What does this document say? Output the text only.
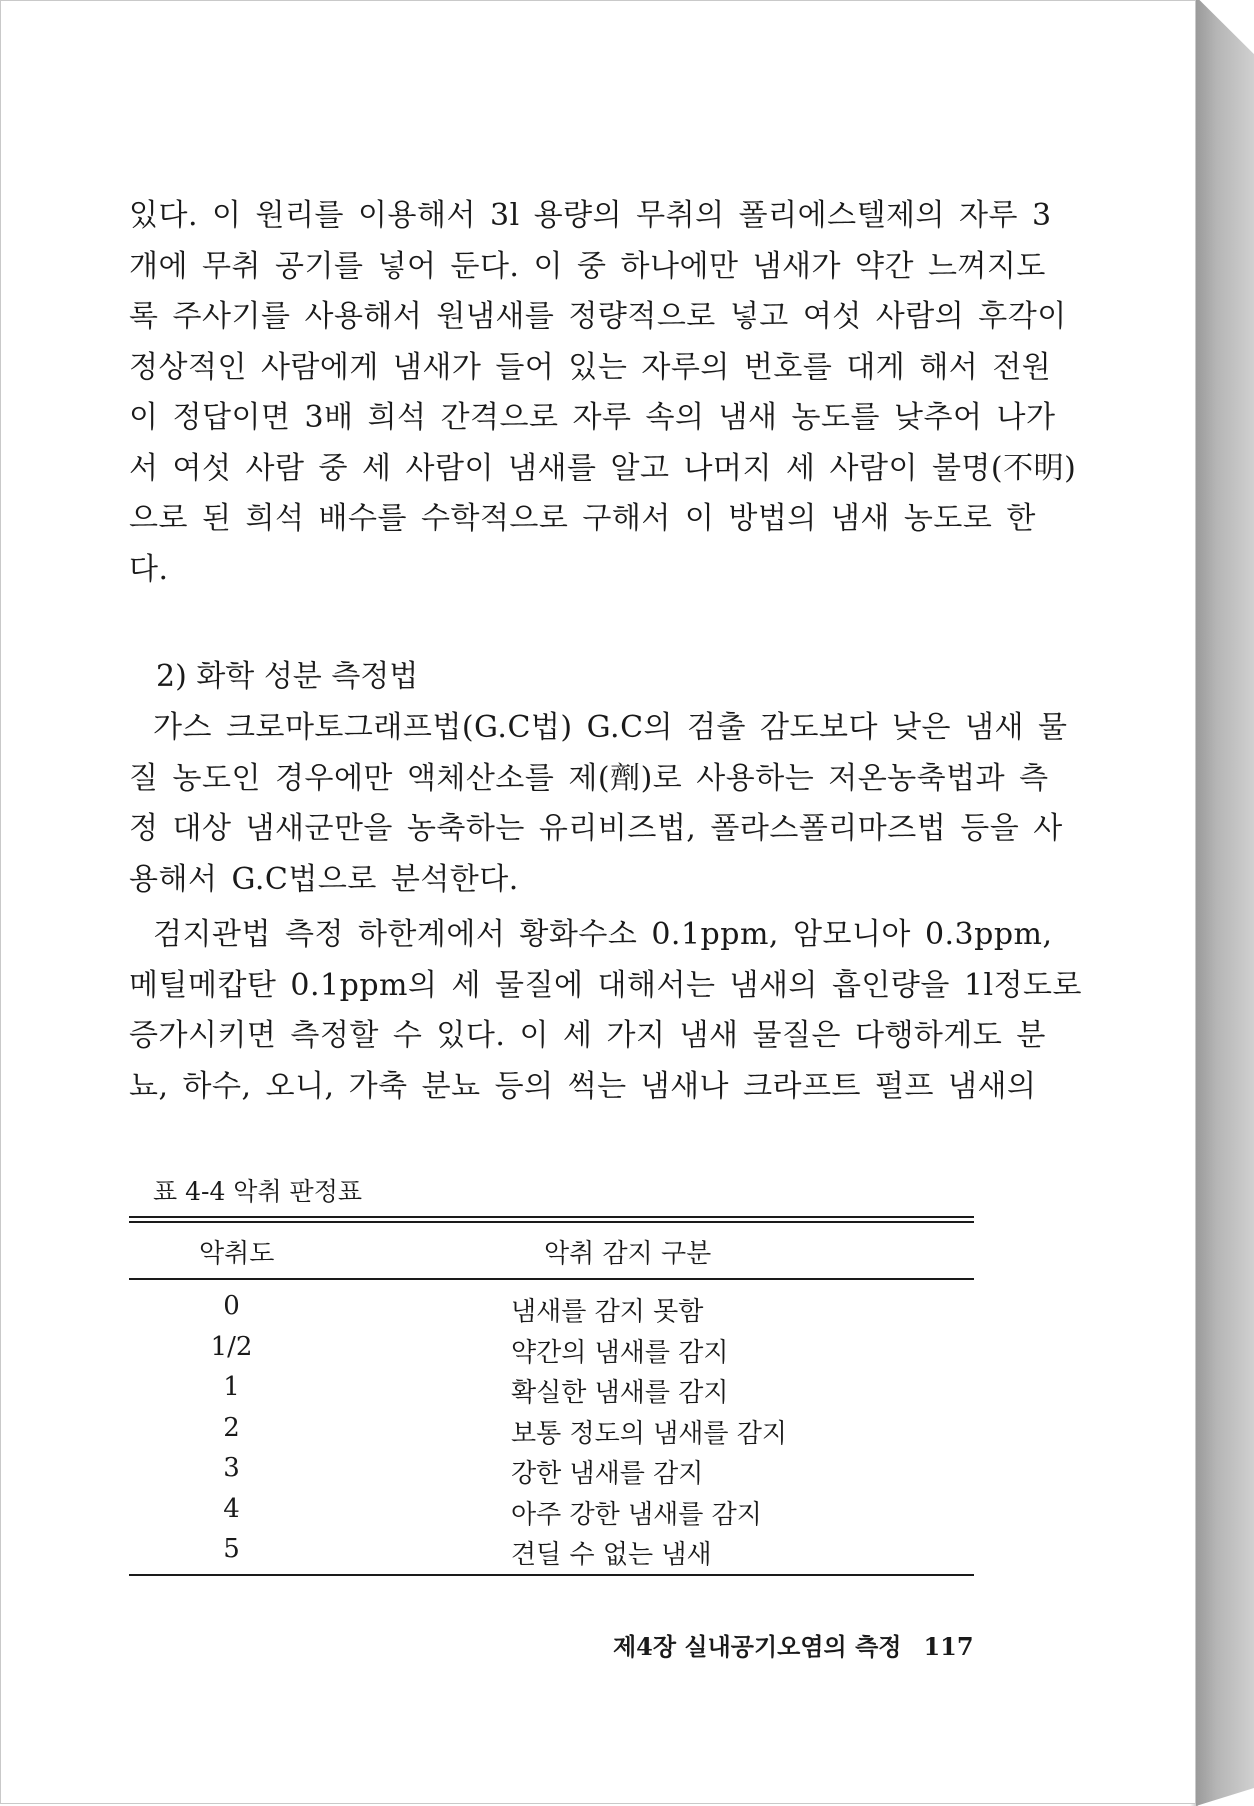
있다. 이 원리를 이용해서 3l 용량의 무취의 폴리에스텔제의 자루 3
개에 무취 공기를 넣어 둔다. 이 중 하나에만 냄새가 약간 느껴지도
록 주사기를 사용해서 원냄새를 정량적으로 넣고 여섯 사람의 후각이
정상적인 사람에게 냄새가 들어 있는 자루의 번호를 대게 해서 전원
이 정답이면 3배 희석 간격으로 자루 속의 냄새 농도를 낮추어 나가
서 여섯 사람 중 세 사람이 냄새를 알고 나머지 세 사람이 불명(不明)
으로 된 희석 배수를 수학적으로 구해서 이 방법의 냄새 농도로 한
다.
2) 화학 성분 측정법
가스 크로마토그래프법(G.C법) G.C의 검출 감도보다 낮은 냄새 물
질 농도인 경우에만 액체산소를 제(劑)로 사용하는 저온농축법과 측
정 대상 냄새군만을 농축하는 유리비즈법, 폴라스폴리마즈법 등을 사
용해서 G.C법으로 분석한다.
검지관법 측정 하한계에서 황화수소 0.1ppm, 암모니아 0.3ppm,
메틸메캅탄 0.1ppm의 세 물질에 대해서는 냄새의 흡인량을 1l정도로
증가시키면 측정할 수 있다. 이 세 가지 냄새 물질은 다행하게도 분
뇨, 하수, 오니, 가축 분뇨 등의 썩는 냄새나 크라프트 펄프 냄새의
표 4-4 악취 판정표
악취도	악취 감지 구분
0	냄새를 감지 못함
1/2	약간의 냄새를 감지
1	확실한 냄새를 감지
2	보통 정도의 냄새를 감지
3	강한 냄새를 감지
4	아주 강한 냄새를 감지
5	견딜 수 없는 냄새
제4장 실내공기오염의 측정 117
